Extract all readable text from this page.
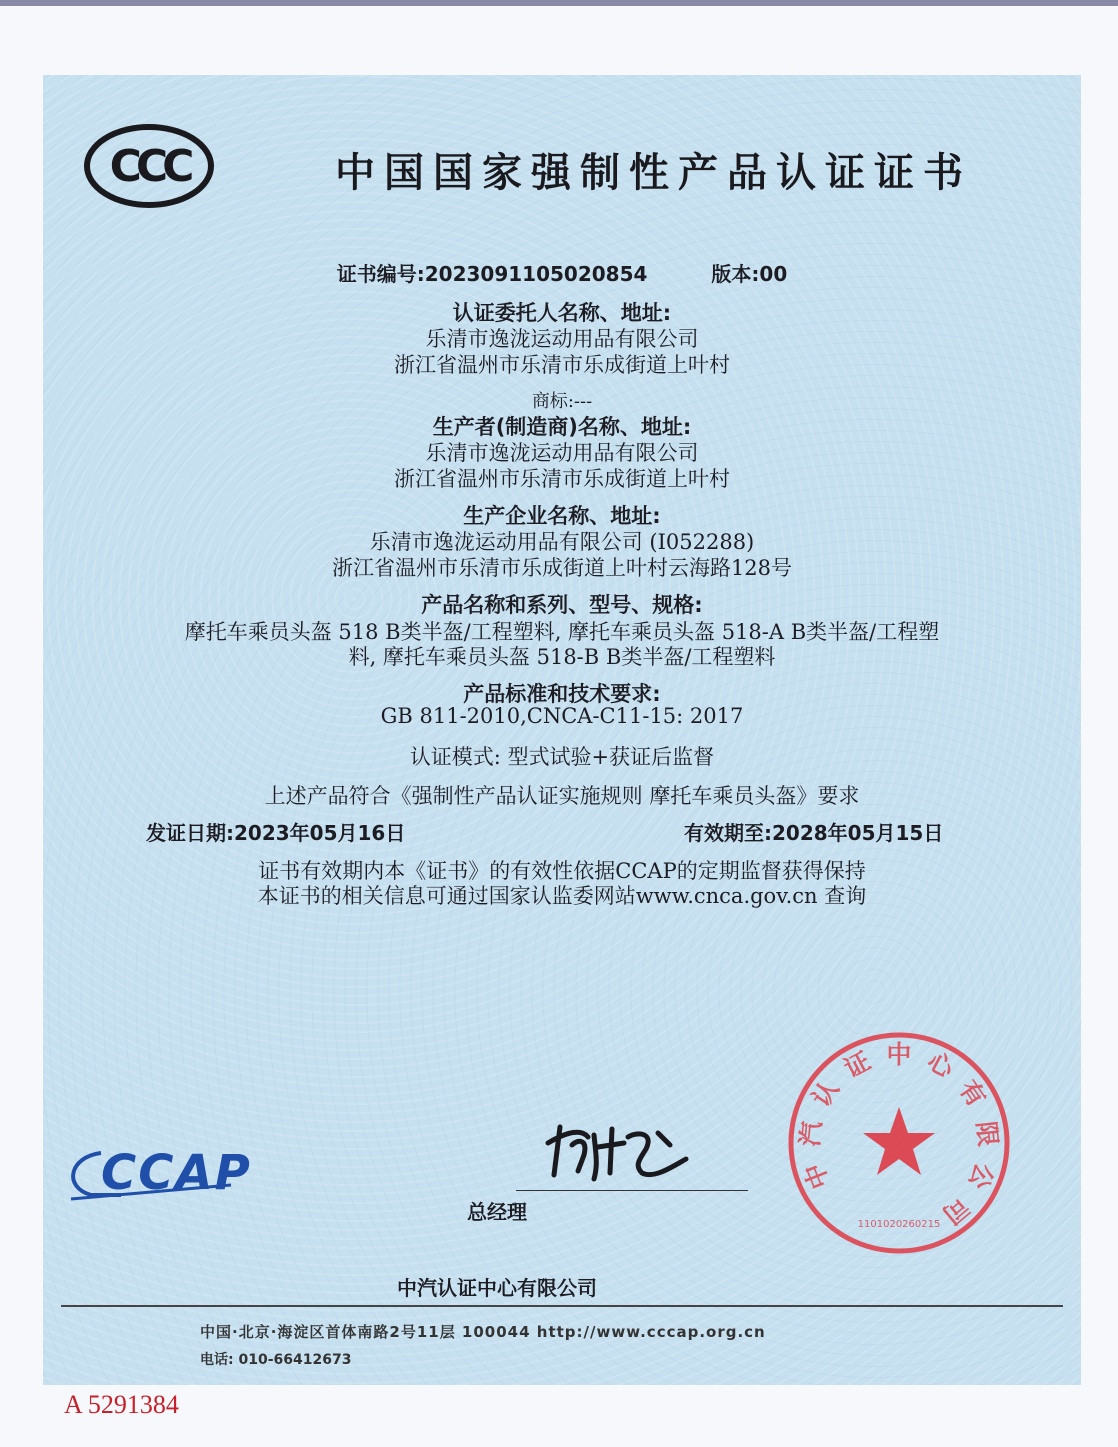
CCC	中国国家强制性产品认证证书
证书编号:2023091105020854	版本:00
认证委托人名称、地址:
乐清市逸泷运动用品有限公司
浙江省温州市乐清市乐成街道上叶村
商标:---
生产者(制造商)名称、地址:
乐清市逸泷运动用品有限公司
浙江省温州市乐清市乐成街道上叶村
生产企业名称、地址:
乐清市逸泷运动用品有限公司 (I052288)
浙江省温州市乐清市乐成街道上叶村云海路128号
产品名称和系列、型号、规格:
摩托车乘员头盔 518 B类半盔/工程塑料, 摩托车乘员头盔 518-A B类半盔/工程塑
料, 摩托车乘员头盔 518-B B类半盔/工程塑料
产品标准和技术要求:
GB 811-2010,CNCA-C11-15: 2017
认证模式: 型式试验+获证后监督
上述产品符合《强制性产品认证实施规则 摩托车乘员头盔》要求
发证日期:2023年05月16日	有效期至:2028年05月15日
证书有效期内本《证书》的有效性依据CCAP的定期监督获得保持
本证书的相关信息可通过国家认监委网站www.cnca.gov.cn 查询
CCAP
总经理
中
汽
认
证 中 心
有
限
公
司
1101020260215
中汽认证中心有限公司
中国·北京·海淀区首体南路2号11层 100044 http://www.cccap.org.cn
电话: 010-66412673
A 5291384
